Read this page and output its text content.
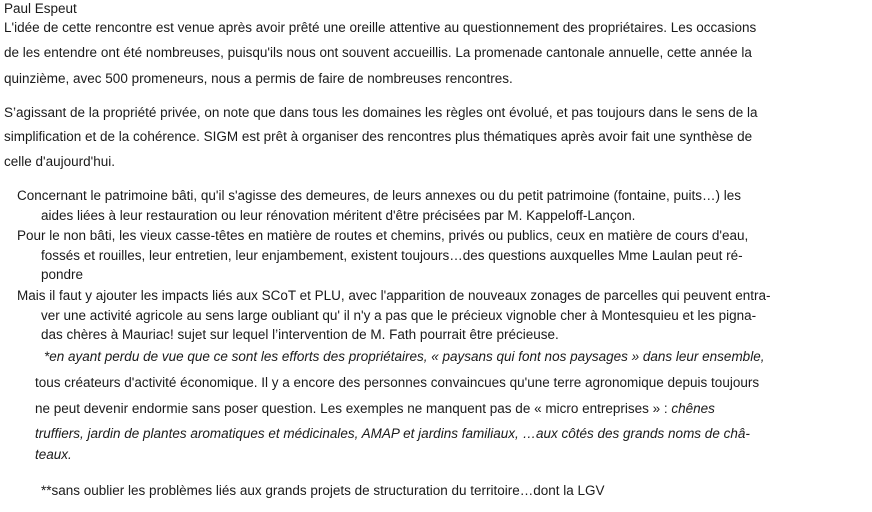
Paul Espeut
L'idée de cette rencontre est venue après avoir prêté une oreille attentive au questionnement des propriétaires. Les occasions
de les entendre ont été nombreuses, puisqu'ils nous ont souvent accueillis. La promenade cantonale annuelle, cette année la
quinzième, avec 500 promeneurs, nous a permis de faire de nombreuses rencontres.
S’agissant de la propriété privée, on note que dans tous les domaines les règles ont évolué, et pas toujours dans le sens de la
simplification et de la cohérence. SIGM est prêt à organiser des rencontres plus thématiques après avoir fait une synthèse de
celle d'aujourd'hui.
Concernant le patrimoine bâti, qu'il s'agisse des demeures, de leurs annexes ou du petit patrimoine (fontaine, puits…) les
aides liées à leur restauration ou leur rénovation méritent d'être précisées par M. Kappeloff-Lançon.
Pour le non bâti, les vieux casse-têtes en matière de routes et chemins, privés ou publics, ceux en matière de cours d'eau,
fossés et rouilles, leur entretien, leur enjambement, existent toujours…des questions auxquelles Mme Laulan peut ré-
pondre
Mais il faut y ajouter les impacts liés aux SCoT et PLU, avec l'apparition de nouveaux zonages de parcelles qui peuvent entra-
ver une activité agricole au sens large oubliant qu' il n'y a pas que le précieux vignoble cher à Montesquieu et les pigna-
das chères à Mauriac! sujet sur lequel l’intervention de M. Fath pourrait être précieuse.
*en ayant perdu de vue que ce sont les efforts des propriétaires, « paysans qui font nos paysages » dans leur ensemble,
tous créateurs d'activité économique. Il y a encore des personnes convaincues qu'une terre agronomique depuis toujours
ne peut devenir endormie sans poser question. Les exemples ne manquent pas de « micro entreprises » : chênes
truffiers, jardin de plantes aromatiques et médicinales, AMAP et jardins familiaux, …aux côtés des grands noms de châ-
teaux.
**sans oublier les problèmes liés aux grands projets de structuration du territoire…dont la LGV
